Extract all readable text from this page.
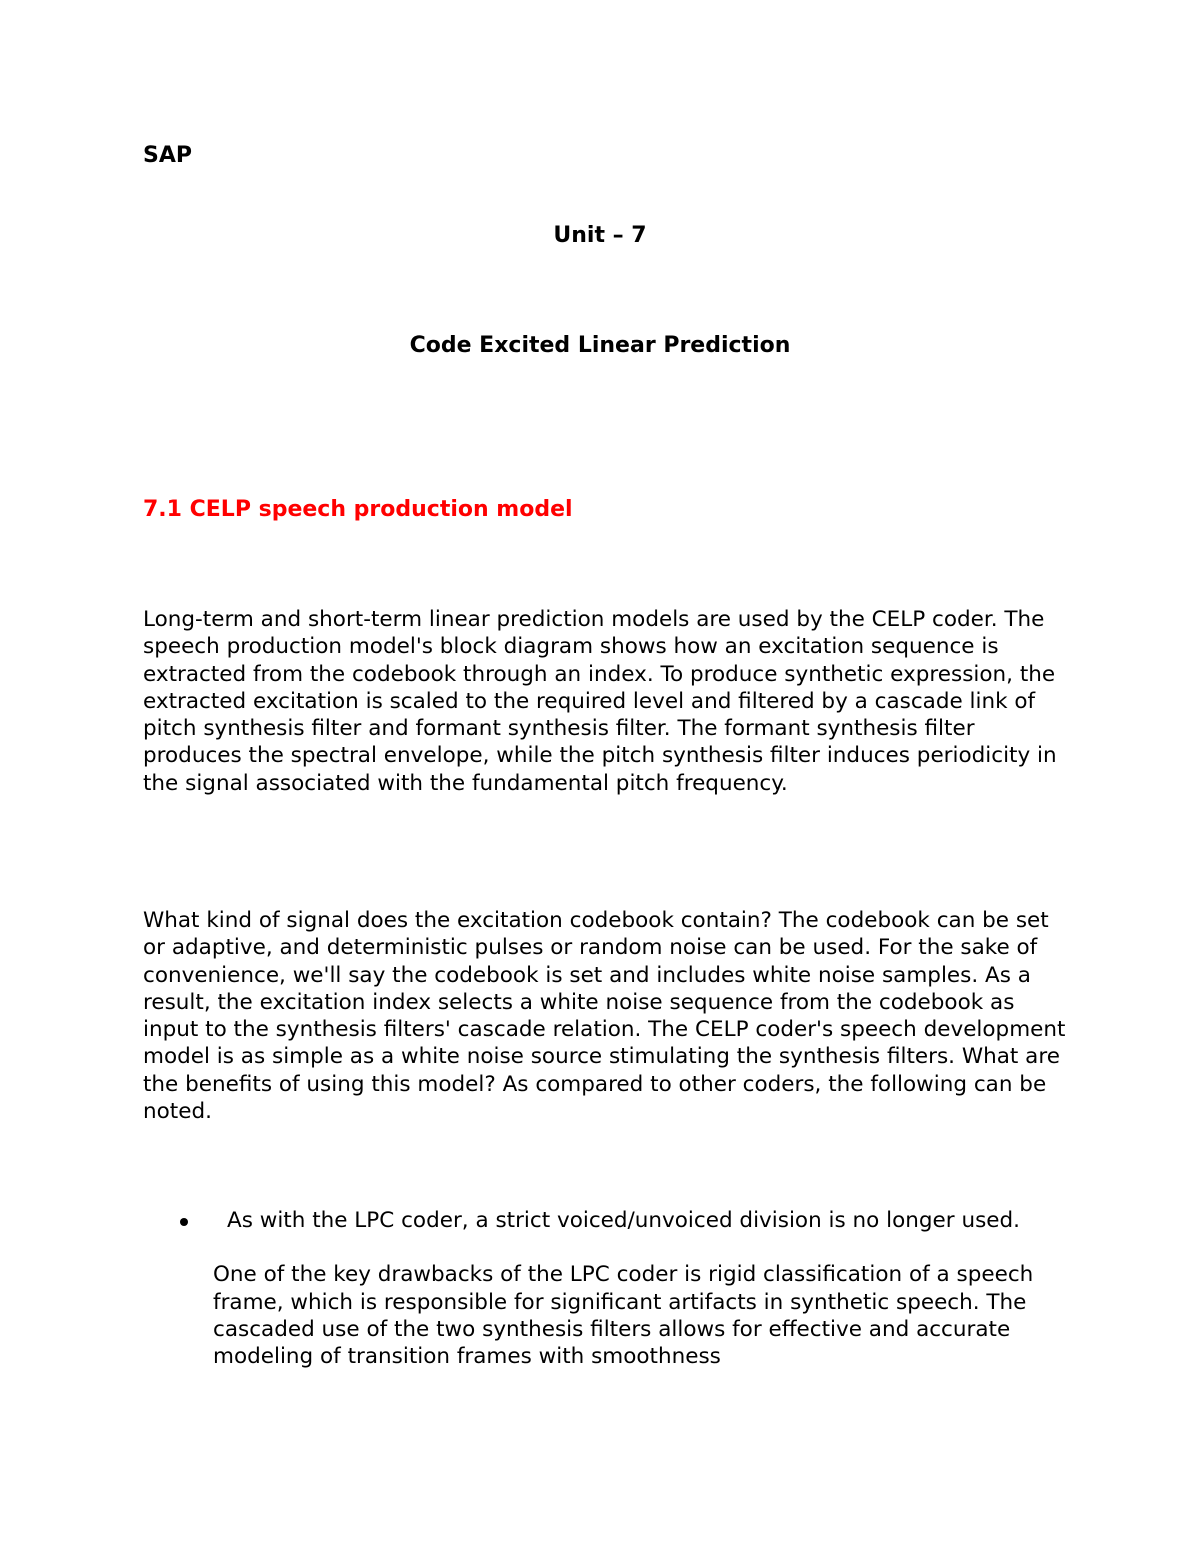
SAP
Unit – 7
Code Excited Linear Prediction
7.1 CELP speech production model

Long-term and short-term linear prediction models are used by the CELP coder. The speech production model's block diagram shows how an excitation sequence is extracted from the codebook through an index. To produce synthetic expression, the extracted excitation is scaled to the required level and filtered by a cascade link of pitch synthesis filter and formant synthesis filter. The formant synthesis filter produces the spectral envelope, while the pitch synthesis filter induces periodicity in the signal associated with the fundamental pitch frequency.

What kind of signal does the excitation codebook contain? The codebook can be set or adaptive, and deterministic pulses or random noise can be used. For the sake of convenience, we'll say the codebook is set and includes white noise samples. As a result, the excitation index selects a white noise sequence from the codebook as input to the synthesis filters' cascade relation. The CELP coder's speech development model is as simple as a white noise source stimulating the synthesis filters. What are the benefits of using this model? As compared to other coders, the following can be noted.

As with the LPC coder, a strict voiced/unvoiced division is no longer used.
One of the key drawbacks of the LPC coder is rigid classification of a speech frame, which is responsible for significant artifacts in synthetic speech. The cascaded use of the two synthesis filters allows for effective and accurate modeling of transition frames with smoothness
